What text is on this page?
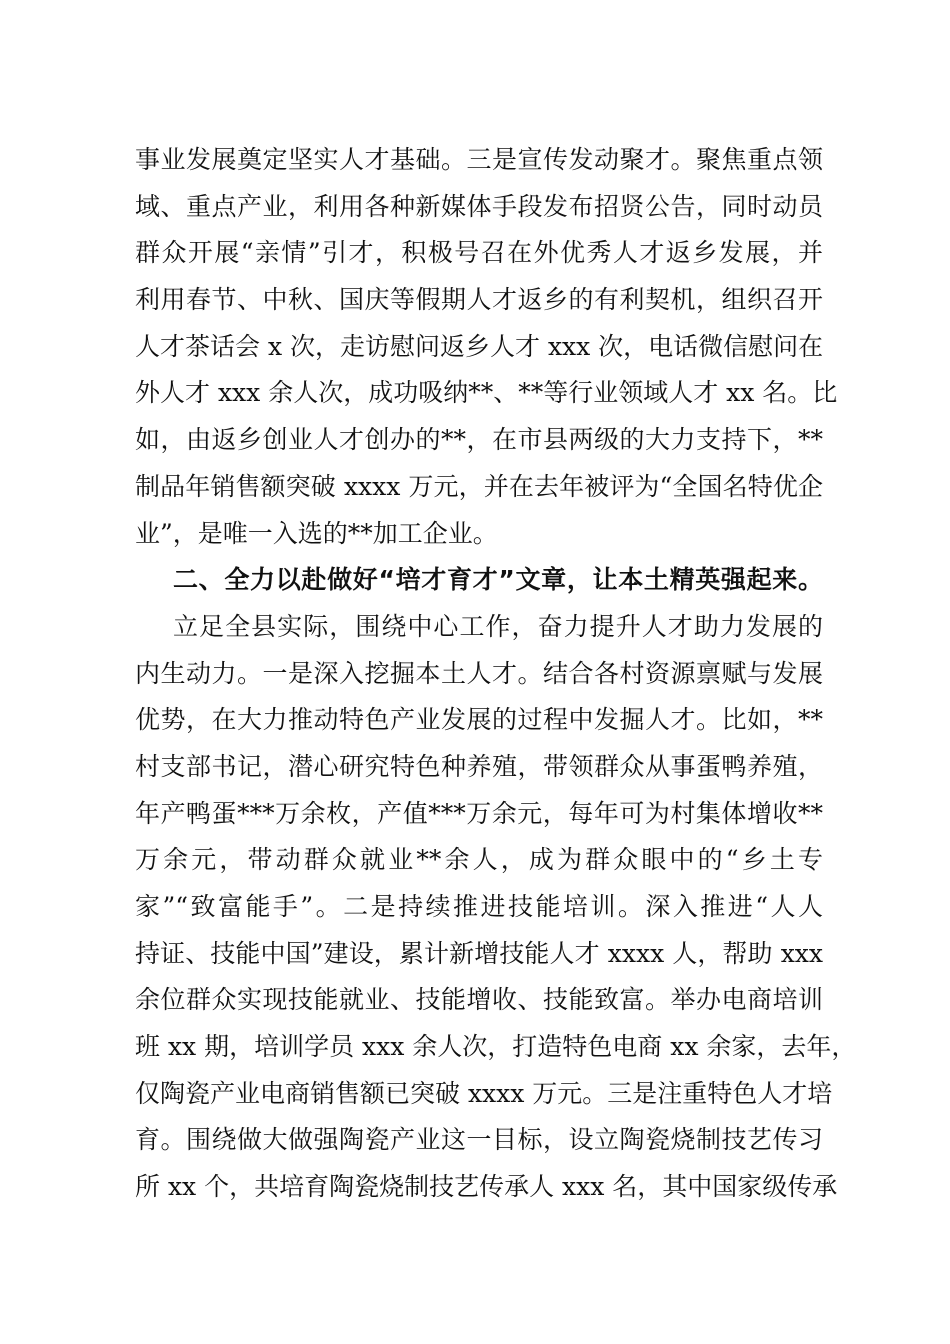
事业发展奠定坚实人才基础。三是宣传发动聚才。聚焦重点领
域、重点产业，利用各种新媒体手段发布招贤公告，同时动员
群众开展“亲情”引才，积极号召在外优秀人才返乡发展，并
利用春节、中秋、国庆等假期人才返乡的有利契机，组织召开
人才茶话会 x 次，走访慰问返乡人才 xxx 次，电话微信慰问在
外人才 xxx 余人次，成功吸纳**、**等行业领域人才 xx 名。比
如，由返乡创业人才创办的**，在市县两级的大力支持下，**
制品年销售额突破 xxxx 万元，并在去年被评为“全国名特优企
业”，是唯一入选的**加工企业。
二、全力以赴做好“培才育才”文章，让本土精英强起来。
立足全县实际，围绕中心工作，奋力提升人才助力发展的
内生动力。一是深入挖掘本土人才。结合各村资源禀赋与发展
优势，在大力推动特色产业发展的过程中发掘人才。比如，**
村支部书记，潜心研究特色种养殖，带领群众从事蛋鸭养殖，
年产鸭蛋***万余枚，产值***万余元，每年可为村集体增收**
万余元，带动群众就业**余人，成为群众眼中的“乡土专
家”“致富能手”。二是持续推进技能培训。深入推进“人人
持证、技能中国”建设，累计新增技能人才 xxxx 人，帮助 xxx
余位群众实现技能就业、技能增收、技能致富。举办电商培训
班 xx 期，培训学员 xxx 余人次，打造特色电商 xx 余家，去年，
仅陶瓷产业电商销售额已突破 xxxx 万元。三是注重特色人才培
育。围绕做大做强陶瓷产业这一目标，设立陶瓷烧制技艺传习
所 xx 个，共培育陶瓷烧制技艺传承人 xxx 名，其中国家级传承
